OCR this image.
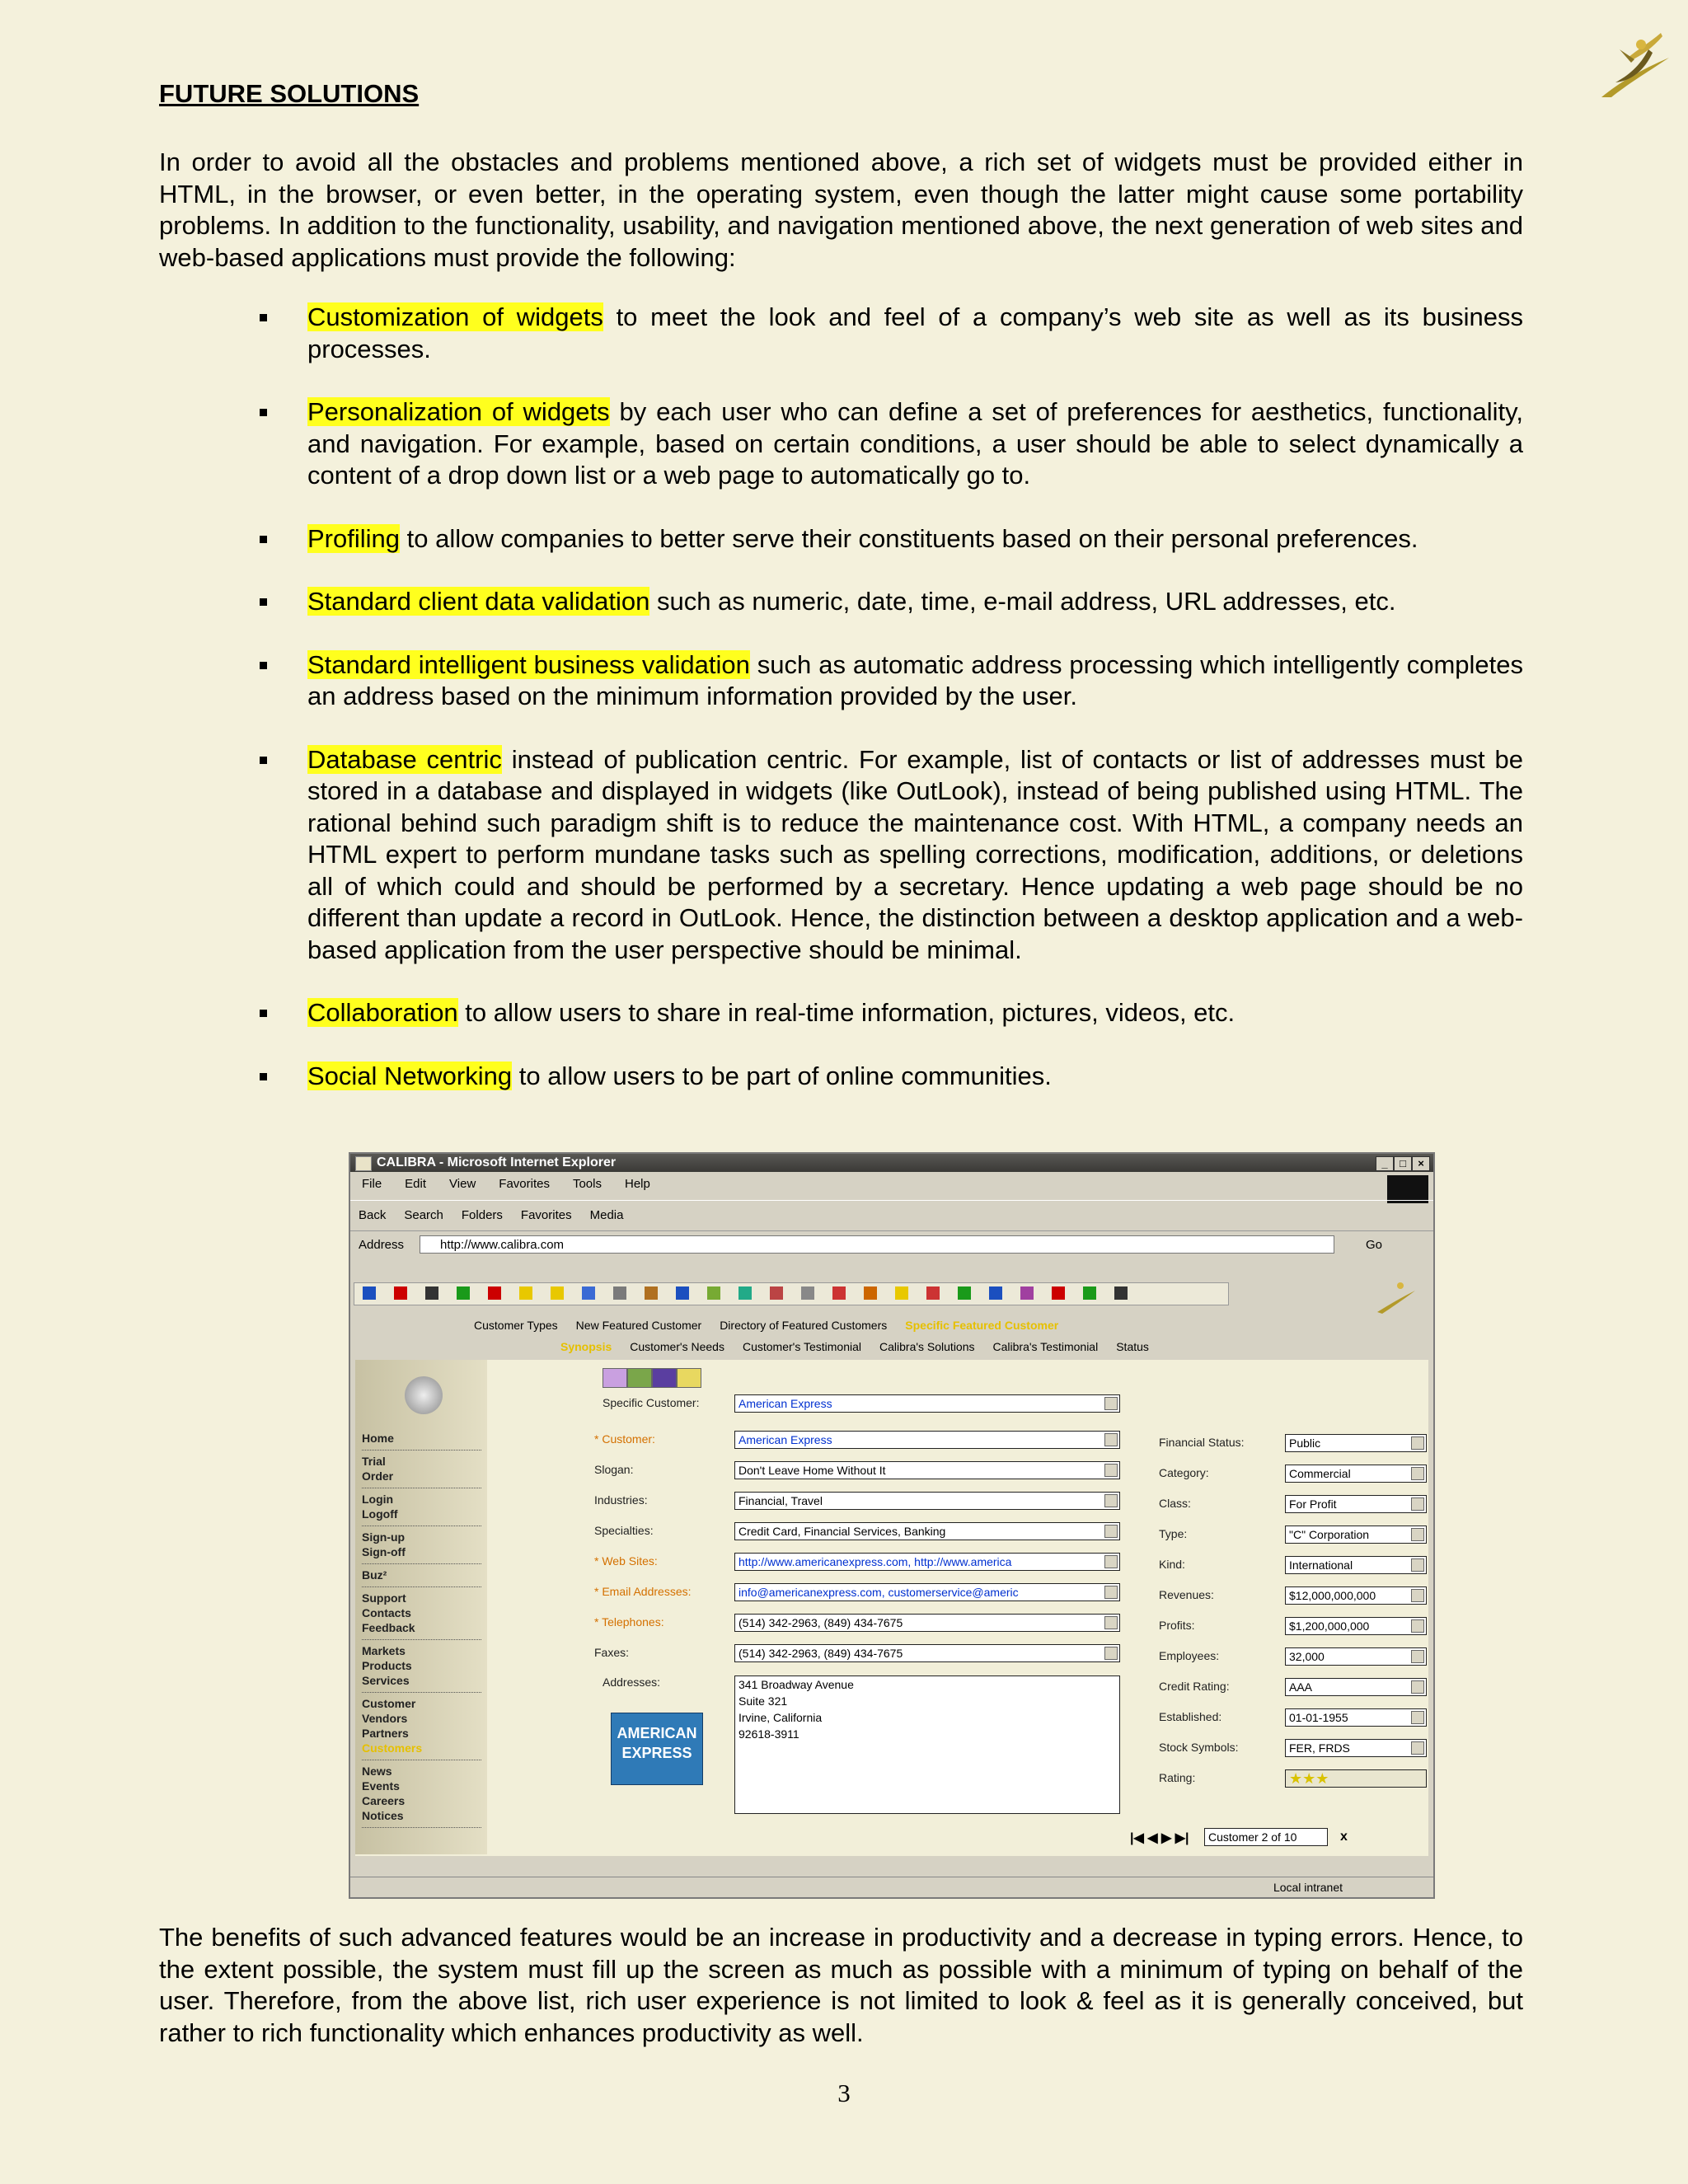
FUTURE SOLUTIONS

In order to avoid all the obstacles and problems mentioned above, a rich set of widgets must be provided either in HTML, in the browser, or even better, in the operating system, even though the latter might cause some portability problems. In addition to the functionality, usability, and navigation mentioned above, the next generation of web sites and web-based applications must provide the following:

Customization of widgets to meet the look and feel of a company’s web site as well as its business processes.
Personalization of widgets by each user who can define a set of preferences for aesthetics, functionality, and navigation. For example, based on certain conditions, a user should be able to select dynamically a content of a drop down list or a web page to automatically go to.
Profiling to allow companies to better serve their constituents based on their personal preferences.
Standard client data validation such as numeric, date, time, e-mail address, URL addresses, etc.
Standard intelligent business validation such as automatic address processing which intelligently completes an address based on the minimum information provided by the user.
Database centric instead of publication centric. For example, list of contacts or list of addresses must be stored in a database and displayed in widgets (like OutLook), instead of being published using HTML. The rational behind such paradigm shift is to reduce the maintenance cost. With HTML, a company needs an HTML expert to perform mundane tasks such as spelling corrections, modification, additions, or deletions all of which could and should be performed by a secretary. Hence updating a web page should be no different than update a record in OutLook. Hence, the distinction between a desktop application and a web-based application from the user perspective should be minimal.
Collaboration to allow users to share in real-time information, pictures, videos, etc.
Social Networking to allow users to be part of online communities.
CALIBRA - Microsoft Internet Explorer	_	□	×
File Edit View Favorites Tools Help
Back Search Folders Favorites Media
Address	http://www.calibra.com	Go
Customer Types New Featured Customer Directory of Featured Customers Specific Featured Customer
Synopsis Customer's Needs Customer's Testimonial Calibra's Solutions Calibra's Testimonial Status
Home
Trial
Order
Login
Logoff
Sign-up
Sign-off
Buz²
Support
Contacts
Feedback
Markets
Products
Services
Customer
Vendors
Partners
Customers
News
Events
Careers
Notices
Specific Customer:	American Express
* Customer:	American Express
Slogan:	Don't Leave Home Without It
Industries:	Financial, Travel
Specialties:	Credit Card, Financial Services, Banking
* Web Sites:	http://www.americanexpress.com, http://www.america
* Email Addresses:	info@americanexpress.com, customerservice@americ
* Telephones:	(514) 342-2963, (849) 434-7675
Faxes:	(514) 342-2963, (849) 434-7675
Addresses:	341 Broadway Avenue
Suite 321
Irvine, California
92618-3911
Financial Status:	Public
Category:	Commercial
Class:	For Profit
Type:	"C" Corporation
Kind:	International
Revenues:	$12,000,000,000
Profits:	$1,200,000,000
Employees:	32,000
Credit Rating:	AAA
Established:	01-01-1955
Stock Symbols:	FER, FRDS
Rating:	★★★
AMERICAN
EXPRESS
Customer 2 of 10
|◀ ◀ ▶ ▶|	x
Local intranet

The benefits of such advanced features would be an increase in productivity and a decrease in typing errors. Hence, to the extent possible, the system must fill up the screen as much as possible with a minimum of typing on behalf of the user. Therefore, from the above list, rich user experience is not limited to look & feel as it is generally conceived, but rather to rich functionality which enhances productivity as well.

3
